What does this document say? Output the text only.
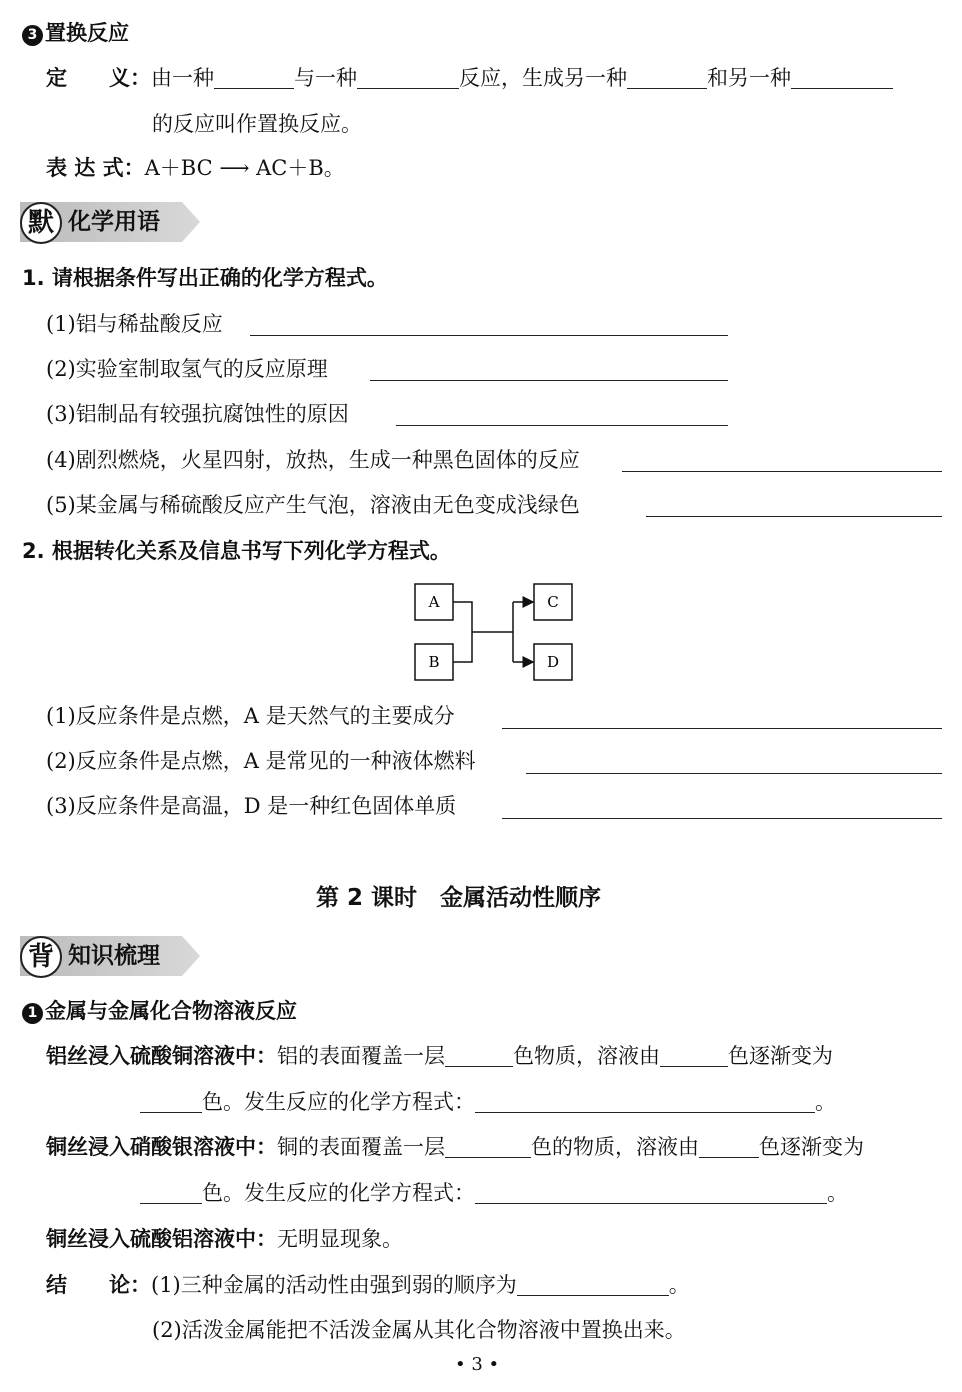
3 置换反应
定　　义：由一种	与一种	反应，生成另一种	和另一种
的反应叫作置换反应。
表 达 式：A＋BC ⟶ AC＋B。
默 化学用语
1. 请根据条件写出正确的化学方程式。
(1)铝与稀盐酸反应
(2)实验室制取氢气的反应原理
(3)铝制品有较强抗腐蚀性的原因
(4)剧烈燃烧，火星四射，放热，生成一种黑色固体的反应
(5)某金属与稀硫酸反应产生气泡，溶液由无色变成浅绿色
2. 根据转化关系及信息书写下列化学方程式。
A
B
C
D
(1)反应条件是点燃，A 是天然气的主要成分
(2)反应条件是点燃，A 是常见的一种液体燃料
(3)反应条件是高温，D 是一种红色固体单质
第 2 课时　金属活动性顺序
背 知识梳理
1 金属与金属化合物溶液反应
铝丝浸入硫酸铜溶液中：铝的表面覆盖一层	色物质，溶液由	色逐渐变为
色。发生反应的化学方程式：	。
铜丝浸入硝酸银溶液中：铜的表面覆盖一层	色的物质，溶液由	色逐渐变为
色。发生反应的化学方程式：	。
铜丝浸入硫酸铝溶液中：无明显现象。
结　　论：(1)三种金属的活动性由强到弱的顺序为	。
(2)活泼金属能把不活泼金属从其化合物溶液中置换出来。
• 3 •
